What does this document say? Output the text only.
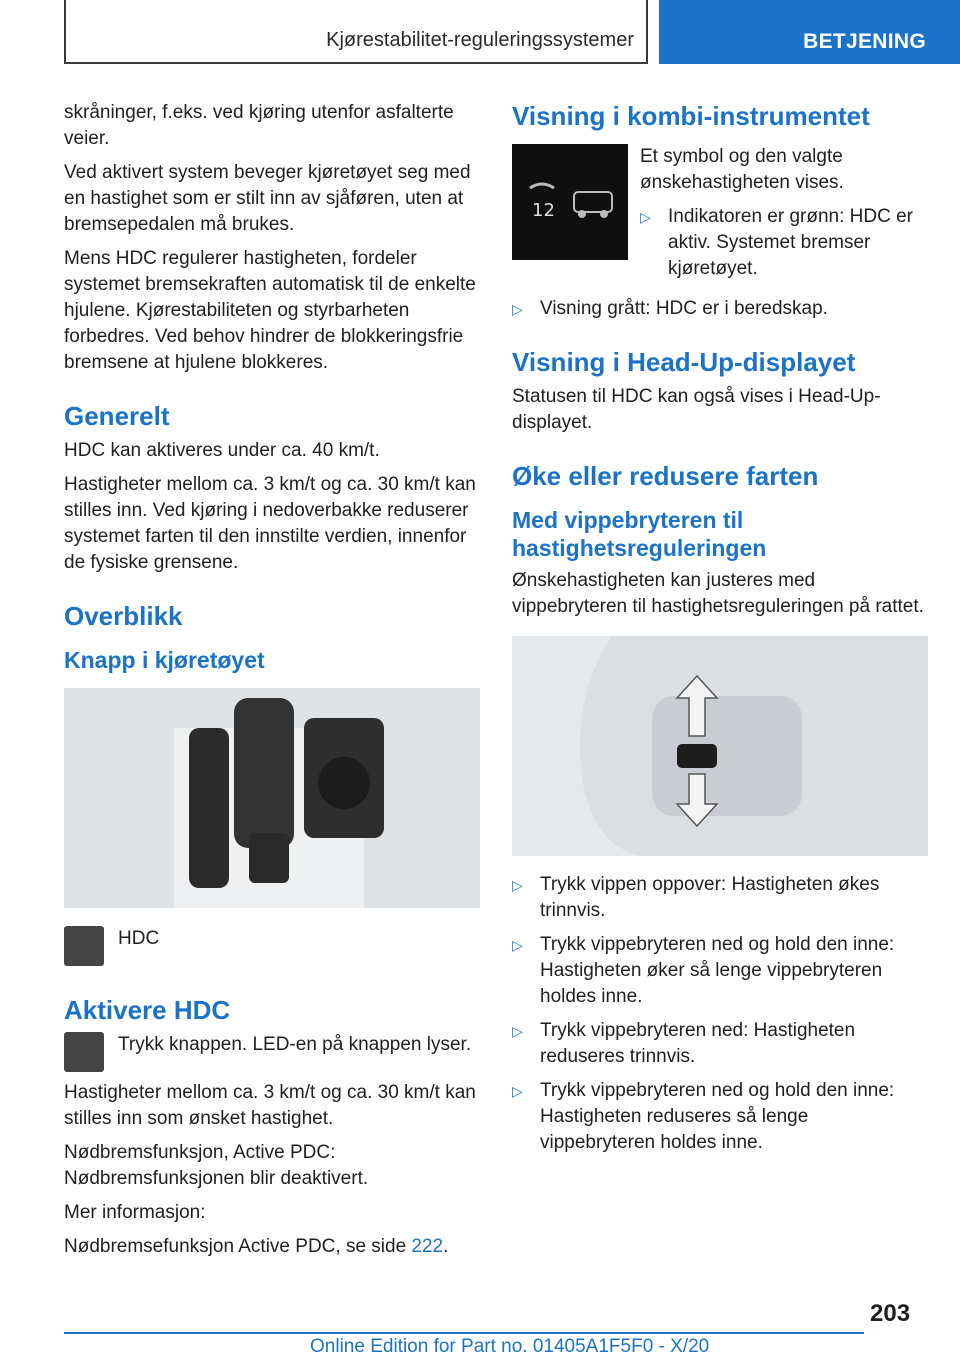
Kjørestabilitet-reguleringssystemer	BETJENING

skråninger, f.eks. ved kjøring utenfor asfalterte veier.

Ved aktivert system beveger kjøretøyet seg med en hastighet som er stilt inn av sjåføren, uten at bremsepedalen må brukes.

Mens HDC regulerer hastigheten, fordeler systemet bremsekraften automatisk til de enkelte hjulene. Kjørestabiliteten og styrbarheten forbedres. Ved behov hindrer de blokkeringsfrie bremsene at hjulene blokkeres.

Generelt

HDC kan aktiveres under ca. 40 km/t.

Hastigheter mellom ca. 3 km/t og ca. 30 km/t kan stilles inn. Ved kjøring i nedoverbakke reduserer systemet farten til den innstilte verdien, innenfor de fysiske grensene.

Overblikk
Knapp i kjøretøyet
HDC
Aktivere HDC

Trykk knappen. LED-en på knappen lyser.

Hastigheter mellom ca. 3 km/t og ca. 30 km/t kan stilles inn som ønsket hastighet.

Nødbremsfunksjon, Active PDC: Nødbremsfunksjonen blir deaktivert.

Mer informasjon:

Nødbremsefunksjon Active PDC, se side 222.

Visning i kombi-instrumentet
12

Et symbol og den valgte ønskehastigheten vises.

▷ Indikatoren er grønn: HDC er aktiv. Systemet bremser kjøretøyet.
▷ Visning grått: HDC er i beredskap.
Visning i Head-Up-displayet

Statusen til HDC kan også vises i Head-Up-displayet.

Øke eller redusere farten
Med vippebryteren til hastighetsreguleringen

Ønskehastigheten kan justeres med vippebryteren til hastighetsreguleringen på rattet.

▷ Trykk vippen oppover: Hastigheten økes trinnvis.
▷ Trykk vippebryteren ned og hold den inne: Hastigheten øker så lenge vippebryteren holdes inne.
▷ Trykk vippebryteren ned: Hastigheten reduseres trinnvis.
▷ Trykk vippebryteren ned og hold den inne: Hastigheten reduseres så lenge vippebryteren holdes inne.
203
Online Edition for Part no. 01405A1F5F0 - X/20
